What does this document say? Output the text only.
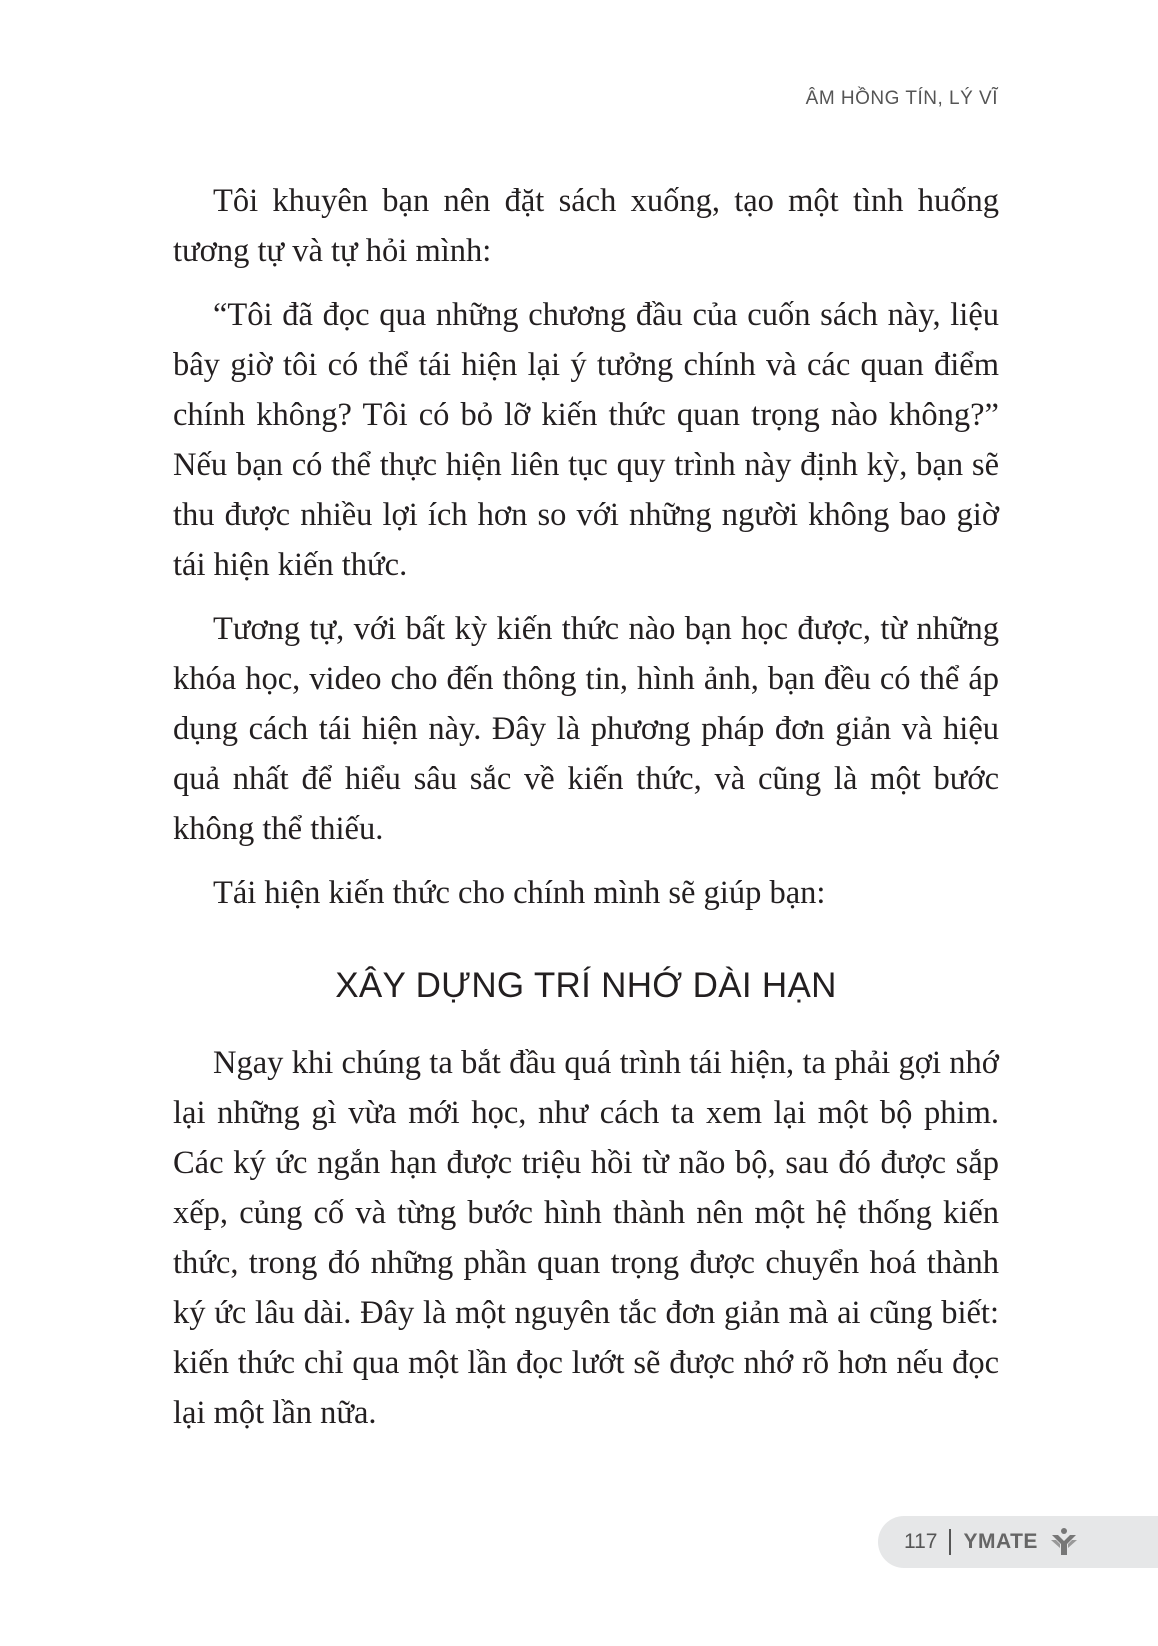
ÂM HỒNG TÍN, LÝ VĨ

Tôi khuyên bạn nên đặt sách xuống, tạo một tình huống tương tự và tự hỏi mình:

“Tôi đã đọc qua những chương đầu của cuốn sách này, liệu bây giờ tôi có thể tái hiện lại ý tưởng chính và các quan điểm chính không? Tôi có bỏ lỡ kiến thức quan trọng nào không?” Nếu bạn có thể thực hiện liên tục quy trình này định kỳ, bạn sẽ thu được nhiều lợi ích hơn so với những người không bao giờ tái hiện kiến thức.

Tương tự, với bất kỳ kiến thức nào bạn học được, từ những khóa học, video cho đến thông tin, hình ảnh, bạn đều có thể áp dụng cách tái hiện này. Đây là phương pháp đơn giản và hiệu quả nhất để hiểu sâu sắc về kiến thức, và cũng là một bước không thể thiếu.

Tái hiện kiến thức cho chính mình sẽ giúp bạn:

XÂY DỰNG TRÍ NHỚ DÀI HẠN

Ngay khi chúng ta bắt đầu quá trình tái hiện, ta phải gợi nhớ lại những gì vừa mới học, như cách ta xem lại một bộ phim. Các ký ức ngắn hạn được triệu hồi từ não bộ, sau đó được sắp xếp, củng cố và từng bước hình thành nên một hệ thống kiến thức, trong đó những phần quan trọng được chuyển hoá thành ký ức lâu dài. Đây là một nguyên tắc đơn giản mà ai cũng biết: kiến thức chỉ qua một lần đọc lướt sẽ được nhớ rõ hơn nếu đọc lại một lần nữa.

117 YMATE
